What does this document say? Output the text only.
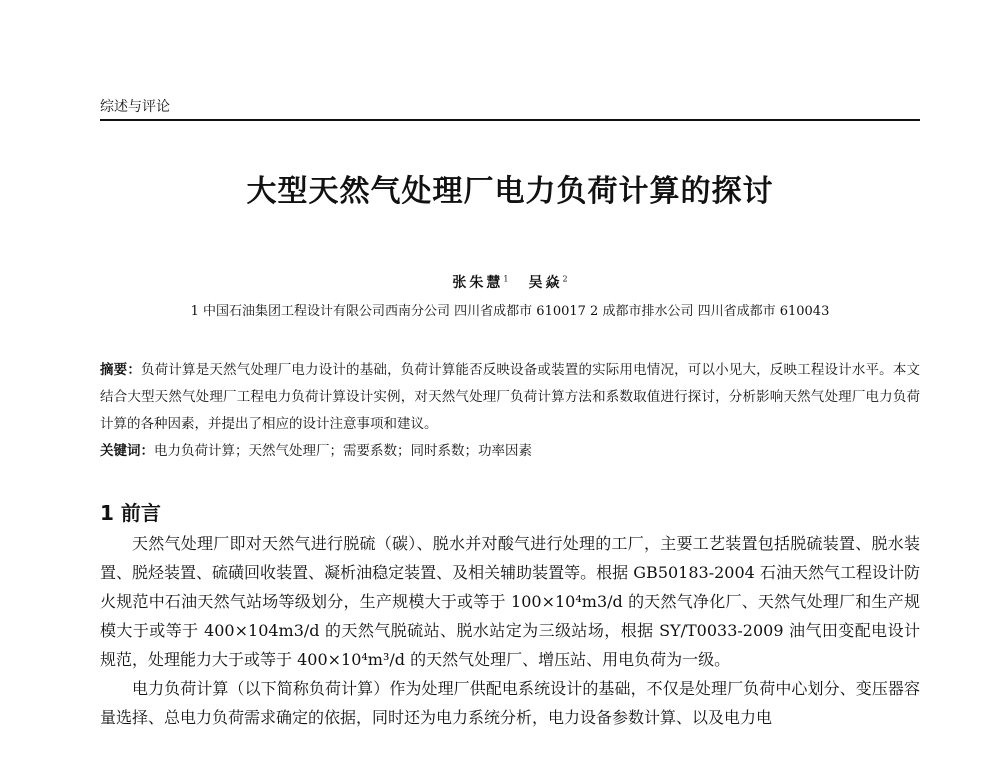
综述与评论
大型天然气处理厂电力负荷计算的探讨
张朱慧$^1$ 吴焱$^2$
1 中国石油集团工程设计有限公司西南分公司 四川省成都市 610017 2 成都市排水公司 四川省成都市 610043

摘要：负荷计算是天然气处理厂电力设计的基础，负荷计算能否反映设备或装置的实际用电情况，可以小见大，反映工程设计水平。本文结合大型天然气处理厂工程电力负荷计算设计实例，对天然气处理厂负荷计算方法和系数取值进行探讨，分析影响天然气处理厂电力负荷计算的各种因素，并提出了相应的设计注意事项和建议。

关键词：电力负荷计算；天然气处理厂；需要系数；同时系数；功率因素

1 前言

天然气处理厂即对天然气进行脱硫（碳）、脱水并对酸气进行处理的工厂，主要工艺装置包括脱硫装置、脱水装置、脱烃装置、硫磺回收装置、凝析油稳定装置、及相关辅助装置等。根据 GB50183-2004 石油天然气工程设计防火规范中石油天然气站场等级划分，生产规模大于或等于 100×10⁴m3/d 的天然气净化厂、天然气处理厂和生产规模大于或等于 400×104m3/d 的天然气脱硫站、脱水站定为三级站场，根据 SY/T0033-2009 油气田变配电设计规范，处理能力大于或等于 400×10⁴m³/d 的天然气处理厂、增压站、用电负荷为一级。

电力负荷计算（以下简称负荷计算）作为处理厂供配电系统设计的基础，不仅是处理厂负荷中心划分、变压器容量选择、总电力负荷需求确定的依据，同时还为电力系统分析，电力设备参数计算、以及电力电
